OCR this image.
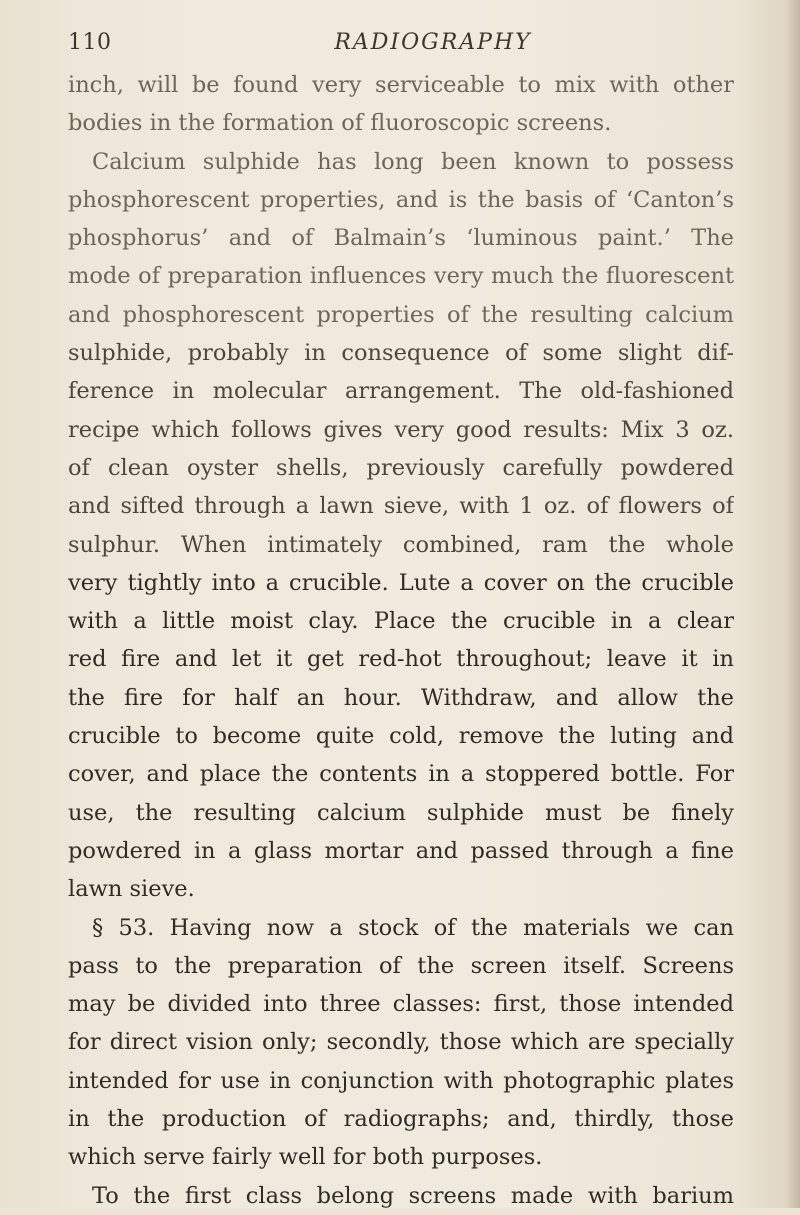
110	RADIOGRAPHY
inch, will be found very serviceable to mix with other
bodies in the formation of fluoroscopic screens.
Calcium sulphide has long been known to possess
phosphorescent properties, and is the basis of ‘Canton’s
phosphorus’ and of Balmain’s ‘luminous paint.’ The
mode of preparation influences very much the fluorescent
and phosphorescent properties of the resulting calcium
sulphide, probably in consequence of some slight dif-
ference in molecular arrangement. The old-fashioned
recipe which follows gives very good results: Mix 3 oz.
of clean oyster shells, previously carefully powdered
and sifted through a lawn sieve, with 1 oz. of flowers of
sulphur. When intimately combined, ram the whole
very tightly into a crucible. Lute a cover on the crucible
with a little moist clay. Place the crucible in a clear
red fire and let it get red-hot throughout; leave it in
the fire for half an hour. Withdraw, and allow the
crucible to become quite cold, remove the luting and
cover, and place the contents in a stoppered bottle. For
use, the resulting calcium sulphide must be finely
powdered in a glass mortar and passed through a fine
lawn sieve.
§ 53. Having now a stock of the materials we can
pass to the preparation of the screen itself. Screens
may be divided into three classes: first, those intended
for direct vision only; secondly, those which are specially
intended for use in conjunction with photographic plates
in the production of radiographs; and, thirdly, those
which serve fairly well for both purposes.
To the first class belong screens made with barium
